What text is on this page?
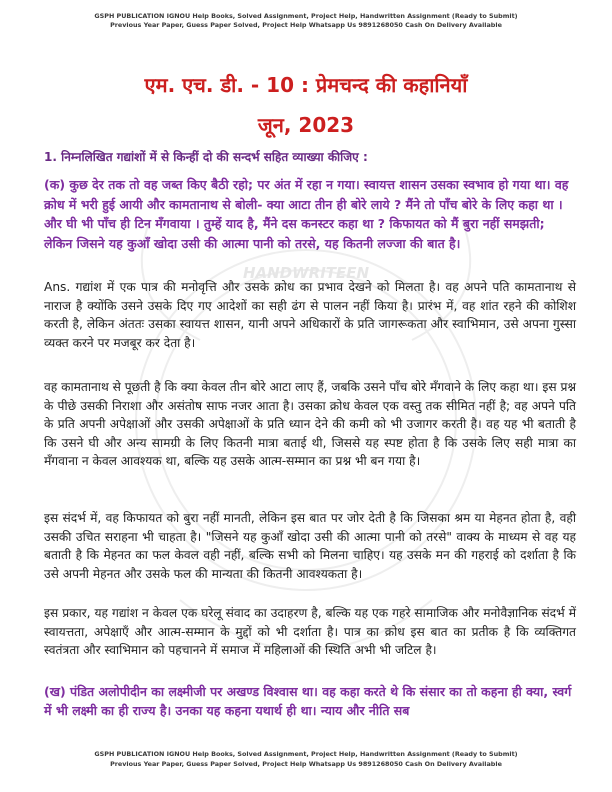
HANDWRITEEN
GSPH PUBLICATION IGNOU Help Books, Solved Assignment, Project Help, Handwritten Assignment (Ready to Submit)
Previous Year Paper, Guess Paper Solved, Project Help Whatsapp Us 9891268050 Cash On Delivery Available
एम. एच. डी. - 10 : प्रेमचन्द की कहानियाँ
जून, 2023
1. निम्नलिखित गद्यांशों में से किन्हीं दो की सन्दर्भ सहित व्याख्या कीजिए :
(क) कुछ देर तक तो वह जब्त किए बैठी रहो; पर अंत में रहा न गया। स्वायत्त शासन उसका स्वभाव हो गया था। वह क्रोध में भरी हुई आयी और कामतानाथ से बोली- क्या आटा तीन ही बोरे लाये ? मैंने तो पाँच बोरे के लिए कहा था । और घी भी पाँच ही टिन मँगवाया । तुम्हें याद है, मैंने दस कनस्टर कहा था ? किफायत को मैं बुरा नहीं समझती; लेकिन जिसने यह कुआँ खोदा उसी की आत्मा पानी को तरसे, यह कितनी लज्जा की बात है।
Ans. गद्यांश में एक पात्र की मनोवृत्ति और उसके क्रोध का प्रभाव देखने को मिलता है। वह अपने पति कामतानाथ से नाराज है क्योंकि उसने उसके दिए गए आदेशों का सही ढंग से पालन नहीं किया है। प्रारंभ में, वह शांत रहने की कोशिश करती है, लेकिन अंततः उसका स्वायत्त शासन, यानी अपने अधिकारों के प्रति जागरूकता और स्वाभिमान, उसे अपना गुस्सा व्यक्त करने पर मजबूर कर देता है।
वह कामतानाथ से पूछती है कि क्या केवल तीन बोरे आटा लाए हैं, जबकि उसने पाँच बोरे मँगवाने के लिए कहा था। इस प्रश्न के पीछे उसकी निराशा और असंतोष साफ नजर आता है। उसका क्रोध केवल एक वस्तु तक सीमित नहीं है; वह अपने पति के प्रति अपनी अपेक्षाओं और उसकी अपेक्षाओं के प्रति ध्यान देने की कमी को भी उजागर करती है। वह यह भी बताती है कि उसने घी और अन्य सामग्री के लिए कितनी मात्रा बताई थी, जिससे यह स्पष्ट होता है कि उसके लिए सही मात्रा का मँगवाना न केवल आवश्यक था, बल्कि यह उसके आत्म-सम्मान का प्रश्न भी बन गया है।
इस संदर्भ में, वह किफायत को बुरा नहीं मानती, लेकिन इस बात पर जोर देती है कि जिसका श्रम या मेहनत होता है, वही उसकी उचित सराहना भी चाहता है। "जिसने यह कुआँ खोदा उसी की आत्मा पानी को तरसे" वाक्य के माध्यम से वह यह बताती है कि मेहनत का फल केवल वही नहीं, बल्कि सभी को मिलना चाहिए। यह उसके मन की गहराई को दर्शाता है कि उसे अपनी मेहनत और उसके फल की मान्यता की कितनी आवश्यकता है।
इस प्रकार, यह गद्यांश न केवल एक घरेलू संवाद का उदाहरण है, बल्कि यह एक गहरे सामाजिक और मनोवैज्ञानिक संदर्भ में स्वायत्तता, अपेक्षाएँ और आत्म-सम्मान के मुद्दों को भी दर्शाता है। पात्र का क्रोध इस बात का प्रतीक है कि व्यक्तिगत स्वतंत्रता और स्वाभिमान को पहचानने में समाज में महिलाओं की स्थिति अभी भी जटिल है।
(ख) पंडित अलोपीदीन का लक्ष्मीजी पर अखण्ड विश्वास था। वह कहा करते थे कि संसार का तो कहना ही क्या, स्वर्ग में भी लक्ष्मी का ही राज्य है। उनका यह कहना यथार्थ ही था। न्याय और नीति सब
GSPH PUBLICATION IGNOU Help Books, Solved Assignment, Project Help, Handwritten Assignment (Ready to Submit)
Previous Year Paper, Guess Paper Solved, Project Help Whatsapp Us 9891268050 Cash On Delivery Available
